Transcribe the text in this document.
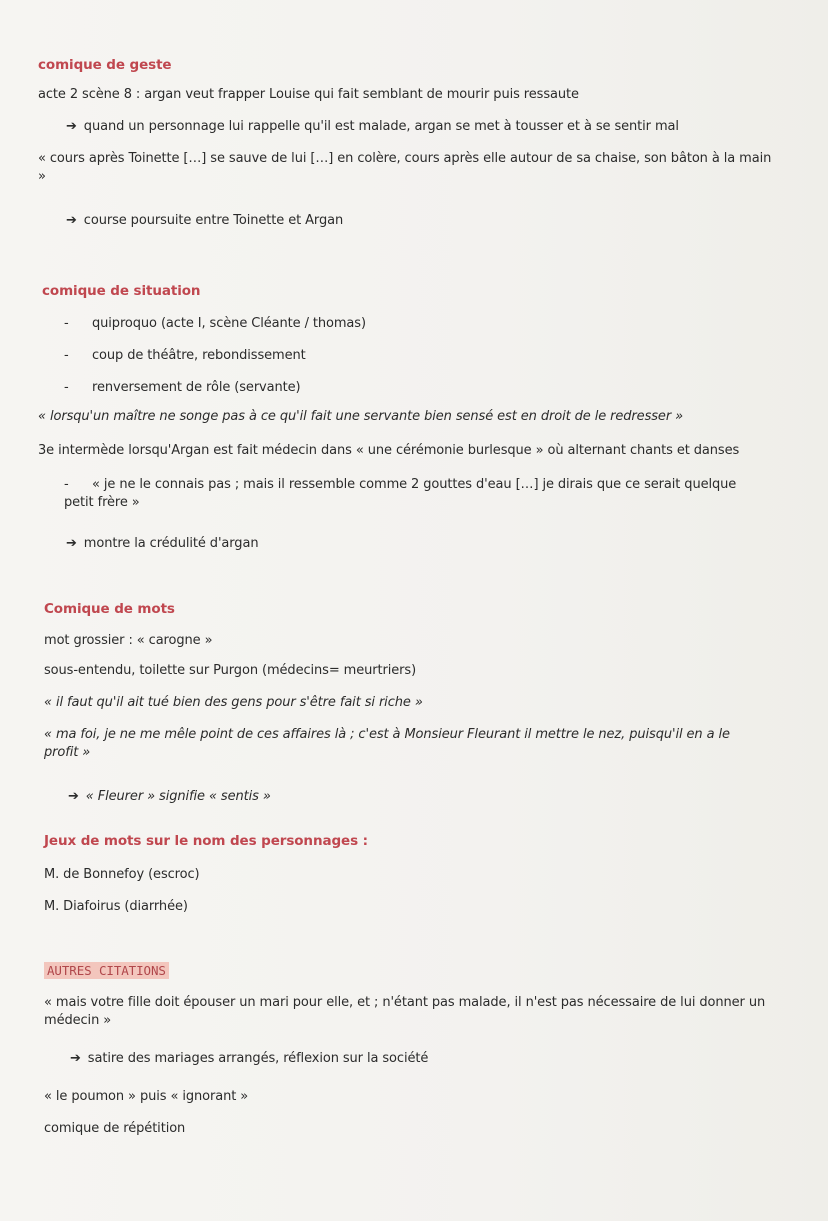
comique de geste
acte 2 scène 8 : argan veut frapper Louise qui fait semblant de mourir puis ressaute
➔ quand un personnage lui rappelle qu'il est malade, argan se met à tousser et à se sentir mal
« cours après Toinette […] se sauve de lui […] en colère, cours après elle autour de sa chaise, son bâton à la main »
➔ course poursuite entre Toinette et Argan
comique de situation
- quiproquo (acte I, scène Cléante / thomas)
- coup de théâtre, rebondissement
- renversement de rôle (servante)
« lorsqu'un maître ne songe pas à ce qu'il fait une servante bien sensé est en droit de le redresser »
3e intermède lorsqu'Argan est fait médecin dans « une cérémonie burlesque » où alternant chants et danses
- « je ne le connais pas ; mais il ressemble comme 2 gouttes d'eau […] je dirais que ce serait quelque petit frère »
➔ montre la crédulité d'argan
Comique de mots
mot grossier : « carogne »
sous-entendu, toilette sur Purgon (médecins= meurtriers)
« il faut qu'il ait tué bien des gens pour s'être fait si riche »
« ma foi, je ne me mêle point de ces affaires là ; c'est à Monsieur Fleurant il mettre le nez, puisqu'il en a le profit »
➔ « Fleurer » signifie « sentis »
Jeux de mots sur le nom des personnages :
M. de Bonnefoy (escroc)
M. Diafoirus (diarrhée)
AUTRES CITATIONS
« mais votre fille doit épouser un mari pour elle, et ; n'étant pas malade, il n'est pas nécessaire de lui donner un médecin »
➔ satire des mariages arrangés, réflexion sur la société
« le poumon » puis « ignorant »
comique de répétition
